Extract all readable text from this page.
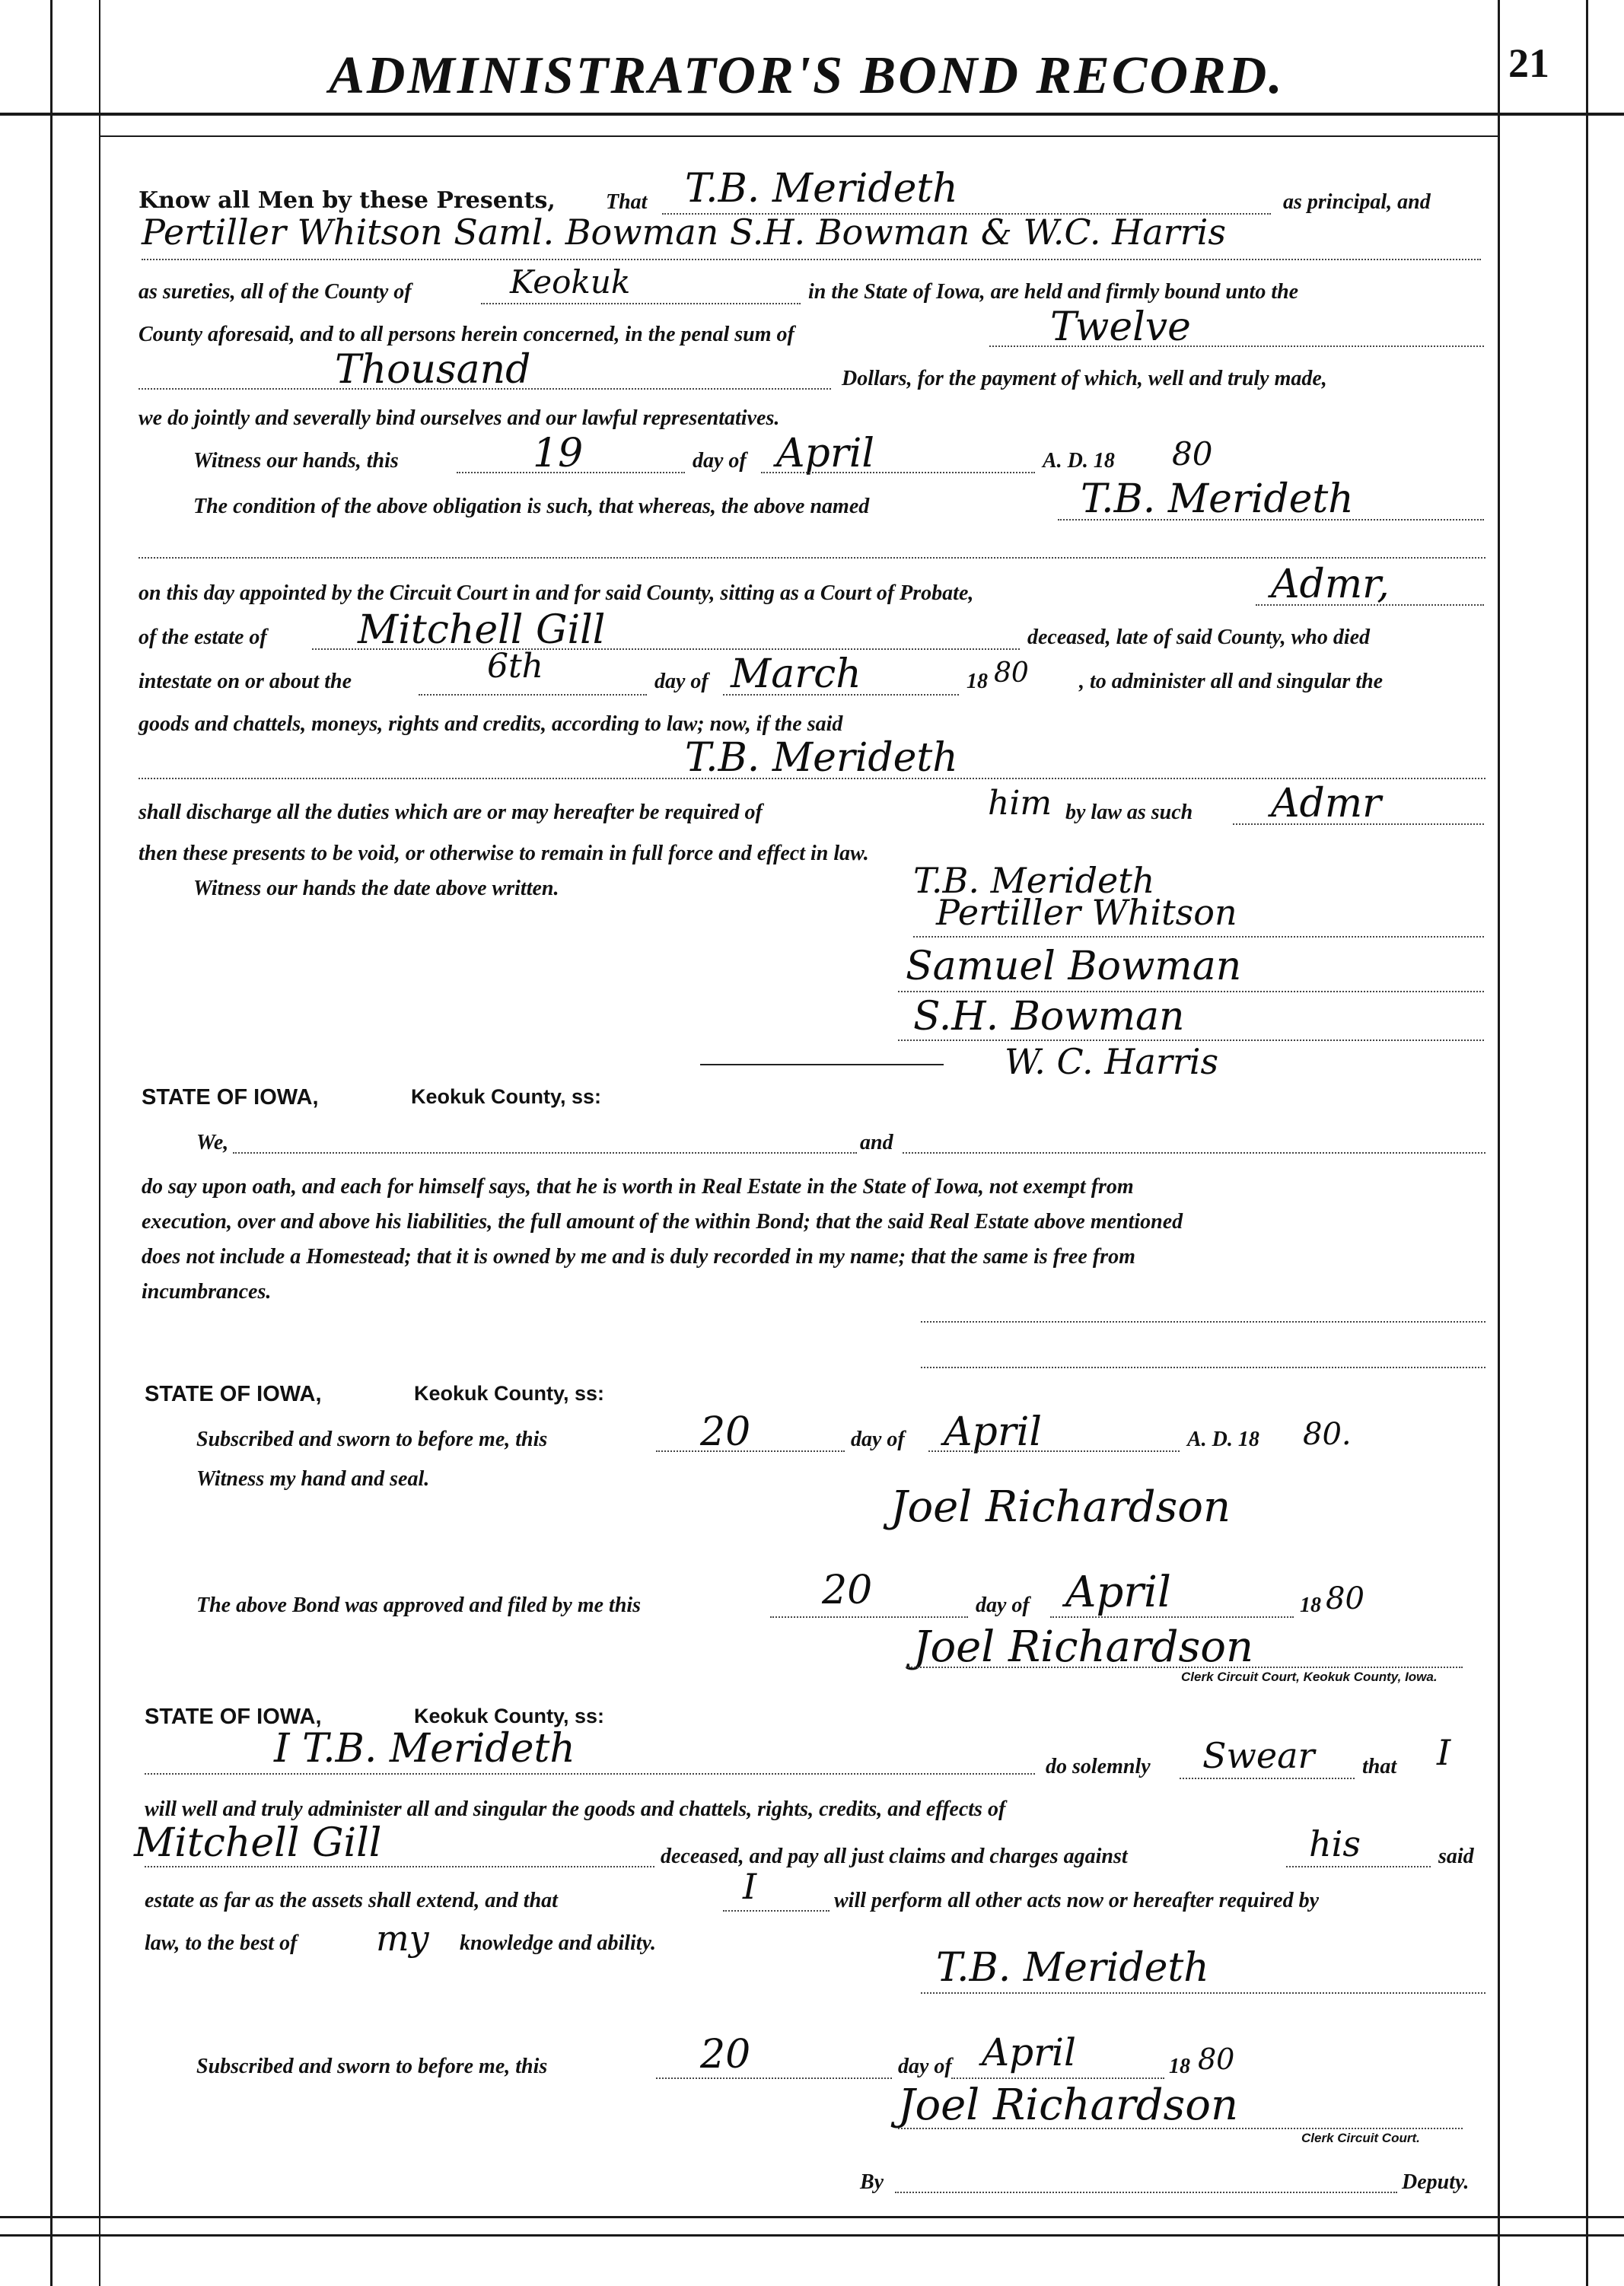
ADMINISTRATOR'S BOND RECORD.	21
Know all Men by these Presents, That T.B. Merideth	as principal, and
Pertiller Whitson Saml. Bowman S.H. Bowman & W.C. Harris
as sureties, all of the County of	Keokuk	in the State of Iowa, are held and firmly bound unto the
County aforesaid, and to all persons herein concerned, in the penal sum of	Twelve
Thousand	Dollars, for the payment of which, well and truly made,
we do jointly and severally bind ourselves and our lawful representatives.
Witness our hands, this	19	day of April	A. D. 18 80
The condition of the above obligation is such, that whereas, the above named	T.B. Merideth
on this day appointed by the Circuit Court in and for said County, sitting as a Court of Probate,	Admr,
of the estate of Mitchell Gill	deceased, late of said County, who died
intestate on or about the	6th	day of March	18 80 , to administer all and singular the
goods and chattels, moneys, rights and credits, according to law; now, if the said
T.B. Merideth
shall discharge all the duties which are or may hereafter be required of	him by law as such Admr
then these presents to be void, or otherwise to remain in full force and effect in law.
Witness our hands the date above written.	T.B. Merideth
Pertiller Whitson
Samuel Bowman
S.H. Bowman
W. C. Harris
STATE OF IOWA,	Keokuk County, ss:
We,	and
do say upon oath, and each for himself says, that he is worth in Real Estate in the State of Iowa, not exempt from
execution, over and above his liabilities, the full amount of the within Bond; that the said Real Estate above mentioned
does not include a Homestead; that it is owned by me and is duly recorded in my name; that the same is free from
incumbrances.
STATE OF IOWA,	Keokuk County, ss:
Subscribed and sworn to before me, this	20	day of April	A. D. 18 80.
Witness my hand and seal.
Joel Richardson
The above Bond was approved and filed by me this	20	day of April	18 80
Joel Richardson
Clerk Circuit Court, Keokuk County, Iowa.
STATE OF IOWA,	Keokuk County, ss:
I T.B. Merideth	do solemnly Swear that I
will well and truly administer all and singular the goods and chattels, rights, credits, and effects of
Mitchell Gill	deceased, and pay all just claims and charges against	his	said
estate as far as the assets shall extend, and that	I	will perform all other acts now or hereafter required by
law, to the best of my knowledge and ability.
T.B. Merideth
Subscribed and sworn to before me, this	20	day of April	18 80
Joel Richardson
Clerk Circuit Court.
By	Deputy.
